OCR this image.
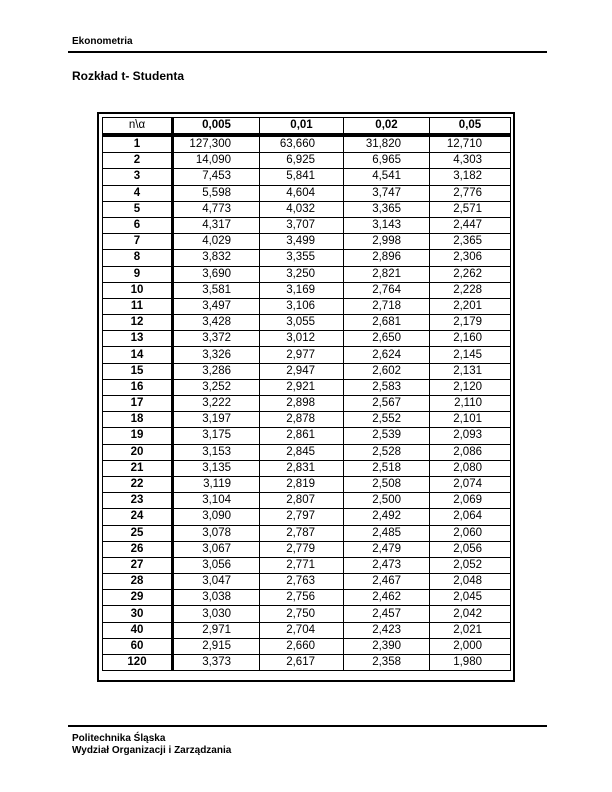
Ekonometria
Rozkład t- Studenta
n\α	0,005	0,01	0,02	0,05
1	127,300	63,660	31,820	12,710
2	14,090	6,925	6,965	4,303
3	7,453	5,841	4,541	3,182
4	5,598	4,604	3,747	2,776
5	4,773	4,032	3,365	2,571
6	4,317	3,707	3,143	2,447
7	4,029	3,499	2,998	2,365
8	3,832	3,355	2,896	2,306
9	3,690	3,250	2,821	2,262
10	3,581	3,169	2,764	2,228
11	3,497	3,106	2,718	2,201
12	3,428	3,055	2,681	2,179
13	3,372	3,012	2,650	2,160
14	3,326	2,977	2,624	2,145
15	3,286	2,947	2,602	2,131
16	3,252	2,921	2,583	2,120
17	3,222	2,898	2,567	2,110
18	3,197	2,878	2,552	2,101
19	3,175	2,861	2,539	2,093
20	3,153	2,845	2,528	2,086
21	3,135	2,831	2,518	2,080
22	3,119	2,819	2,508	2,074
23	3,104	2,807	2,500	2,069
24	3,090	2,797	2,492	2,064
25	3,078	2,787	2,485	2,060
26	3,067	2,779	2,479	2,056
27	3,056	2,771	2,473	2,052
28	3,047	2,763	2,467	2,048
29	3,038	2,756	2,462	2,045
30	3,030	2,750	2,457	2,042
40	2,971	2,704	2,423	2,021
60	2,915	2,660	2,390	2,000
120	3,373	2,617	2,358	1,980
Politechnika Śląska
Wydział Organizacji i Zarządzania
